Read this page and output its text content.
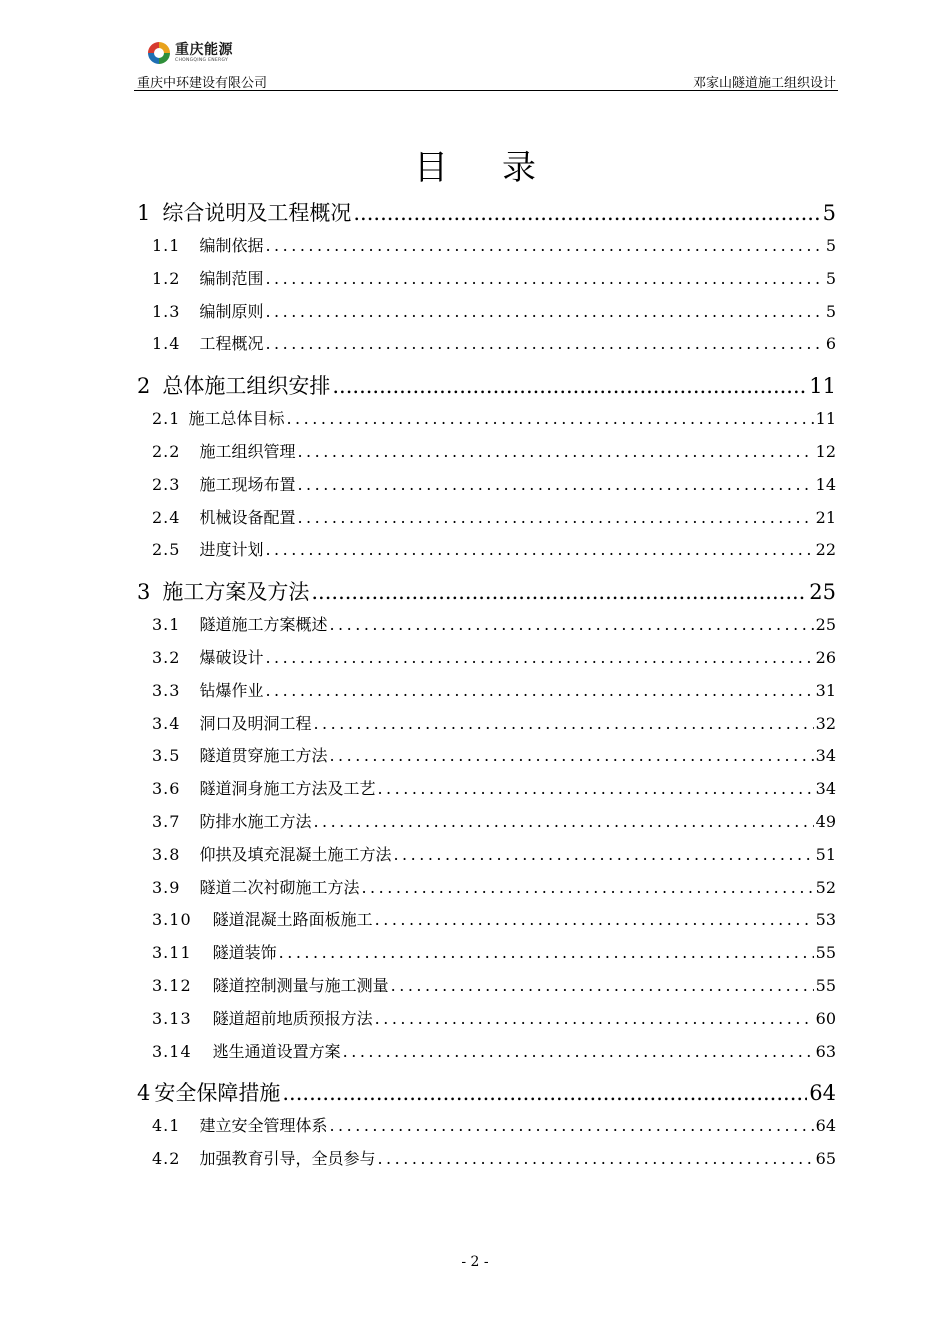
重庆能源
CHONGQING ENERGY
重庆中环建设有限公司	邓家山隧道施工组织设计
目录
1 综合说明及工程概况 .....	5
1.1 编制依据 .....	5
1.2 编制范围 .....	5
1.3 编制原则 .....	5
1.4 工程概况 .....	6
2 总体施工组织安排 .....	11
2.1 施工总体目标 .....	11
2.2 施工组织管理 .....	12
2.3 施工现场布置 .....	14
2.4 机械设备配置 .....	21
2.5 进度计划 .....	22
3 施工方案及方法 .....	25
3.1 隧道施工方案概述 .....	25
3.2 爆破设计 .....	26
3.3 钻爆作业 .....	31
3.4 洞口及明洞工程 .....	32
3.5 隧道贯穿施工方法 .....	34
3.6 隧道洞身施工方法及工艺 .....	34
3.7 防排水施工方法 .....	49
3.8 仰拱及填充混凝土施工方法 .....	51
3.9 隧道二次衬砌施工方法 .....	52
3.10 隧道混凝土路面板施工 .....	53
3.11 隧道装饰 .....	55
3.12 隧道控制测量与施工测量 .....	55
3.13 隧道超前地质预报方法 .....	60
3.14 逃生通道设置方案 .....	63
4 安全保障措施 .....	64
4.1 建立安全管理体系 .....	64
4.2 加强教育引导，全员参与 .....	65
- 2 -
